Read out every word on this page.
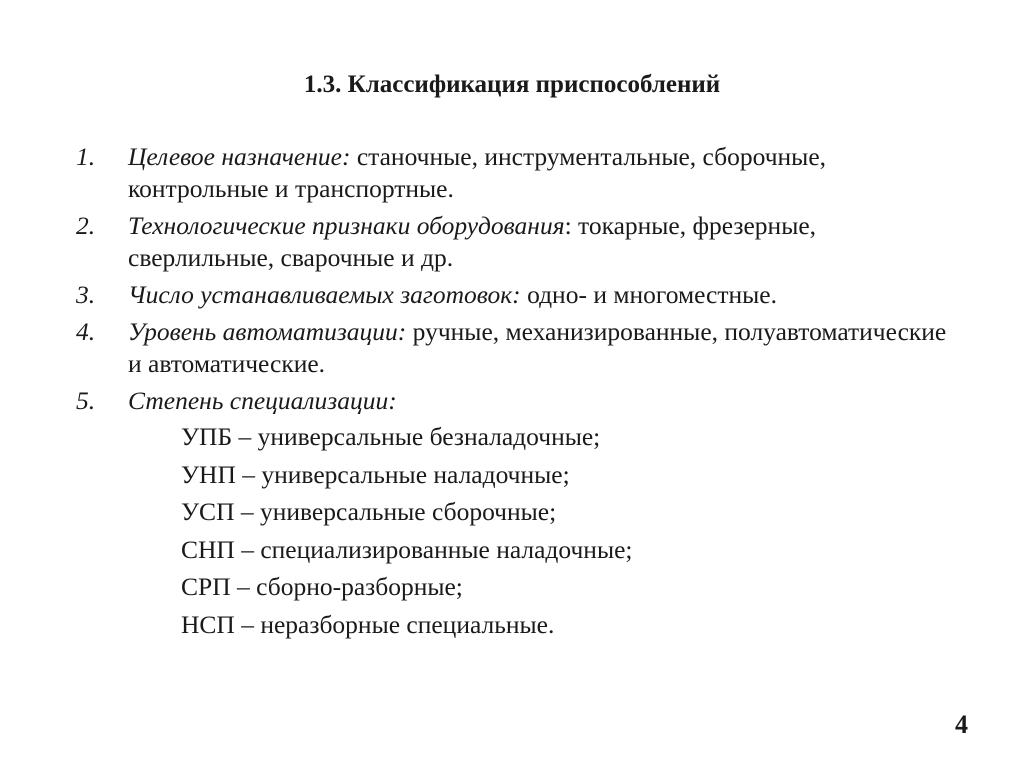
1.3. Классификация приспособлений
1.	Целевое назначение: станочные, инструментальные, сборочные, контрольные и транспортные.
2.	Технологические признаки оборудования: токарные, фрезерные, сверлильные, сварочные и др.
3.	Число устанавливаемых заготовок: одно- и многоместные.
4.	Уровень автоматизации: ручные, механизированные, полуавтоматические и автоматические.
5.	Степень специализации:
УПБ – универсальные безналадочные;
УНП – универсальные наладочные;
УСП – универсальные сборочные;
СНП – специализированные наладочные;
СРП – сборно-разборные;
НСП – неразборные специальные.
4
